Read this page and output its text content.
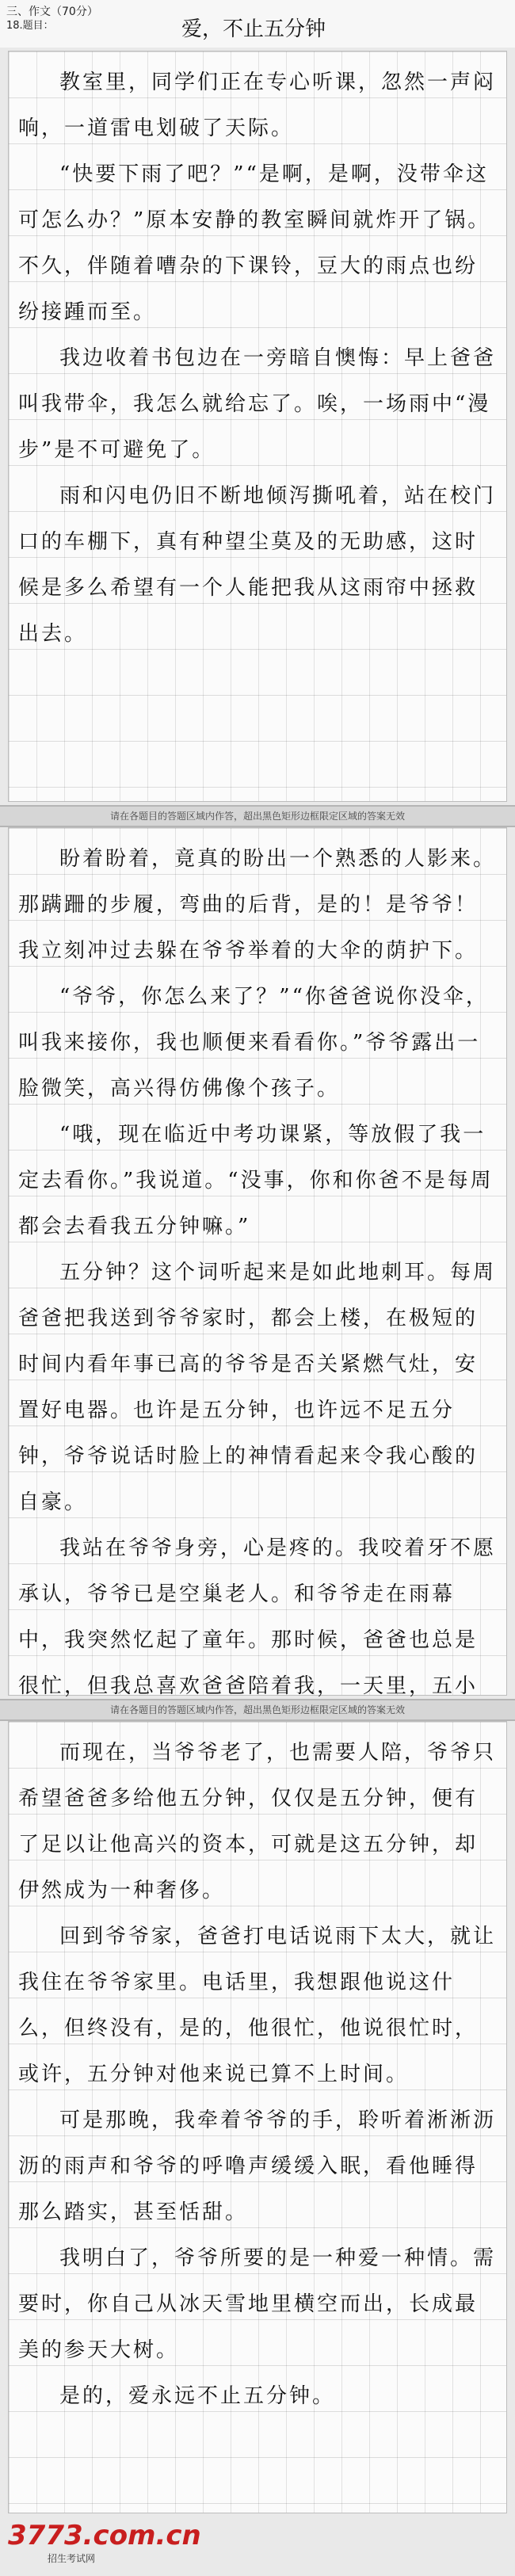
三、作文（70分）

18.题目：	爱，不止五分钟

教室里，同学们正在专心听课，忽然一声闷响，一道雷电划破了天际。

“快要下雨了吧？”“是啊，是啊，没带伞这可怎么办？”原本安静的教室瞬间就炸开了锅。不久，伴随着嘈杂的下课铃，豆大的雨点也纷纷接踵而至。

我边收着书包边在一旁暗自懊悔：早上爸爸叫我带伞，我怎么就给忘了。唉，一场雨中“漫步”是不可避免了。

雨和闪电仍旧不断地倾泻撕吼着，站在校门口的车棚下，真有种望尘莫及的无助感，这时候是多么希望有一个人能把我从这雨帘中拯救出去。

请在各题目的答题区域内作答，超出黑色矩形边框限定区域的答案无效

盼着盼着，竟真的盼出一个熟悉的人影来。那蹒跚的步履，弯曲的后背，是的！是爷爷！我立刻冲过去躲在爷爷举着的大伞的荫护下。

“爷爷，你怎么来了？”“你爸爸说你没伞，叫我来接你，我也顺便来看看你。”爷爷露出一脸微笑，高兴得仿佛像个孩子。

“哦，现在临近中考功课紧，等放假了我一定去看你。”我说道。“没事，你和你爸不是每周都会去看我五分钟嘛。”

五分钟？这个词听起来是如此地刺耳。每周爸爸把我送到爷爷家时，都会上楼，在极短的时间内看年事已高的爷爷是否关紧燃气灶，安置好电器。也许是五分钟，也许远不足五分钟，爷爷说话时脸上的神情看起来令我心酸的自豪。

我站在爷爷身旁，心是疼的。我咬着牙不愿承认，爷爷已是空巢老人。和爷爷走在雨幕中，我突然忆起了童年。那时候，爸爸也总是很忙，但我总喜欢爸爸陪着我，一天里，五小

请在各题目的答题区域内作答，超出黑色矩形边框限定区域的答案无效

而现在，当爷爷老了，也需要人陪，爷爷只希望爸爸多给他五分钟，仅仅是五分钟，便有了足以让他高兴的资本，可就是这五分钟，却伊然成为一种奢侈。

回到爷爷家，爸爸打电话说雨下太大，就让我住在爷爷家里。电话里，我想跟他说这什么，但终没有，是的，他很忙，他说很忙时，或许，五分钟对他来说已算不上时间。

可是那晚，我牵着爷爷的手，聆听着淅淅沥沥的雨声和爷爷的呼噜声缓缓入眠，看他睡得那么踏实，甚至恬甜。

我明白了，爷爷所要的是一种爱一种情。需要时，你自己从冰天雪地里横空而出，长成最美的参天大树。

是的，爱永远不止五分钟。

3773.com.cn
招生考试网
